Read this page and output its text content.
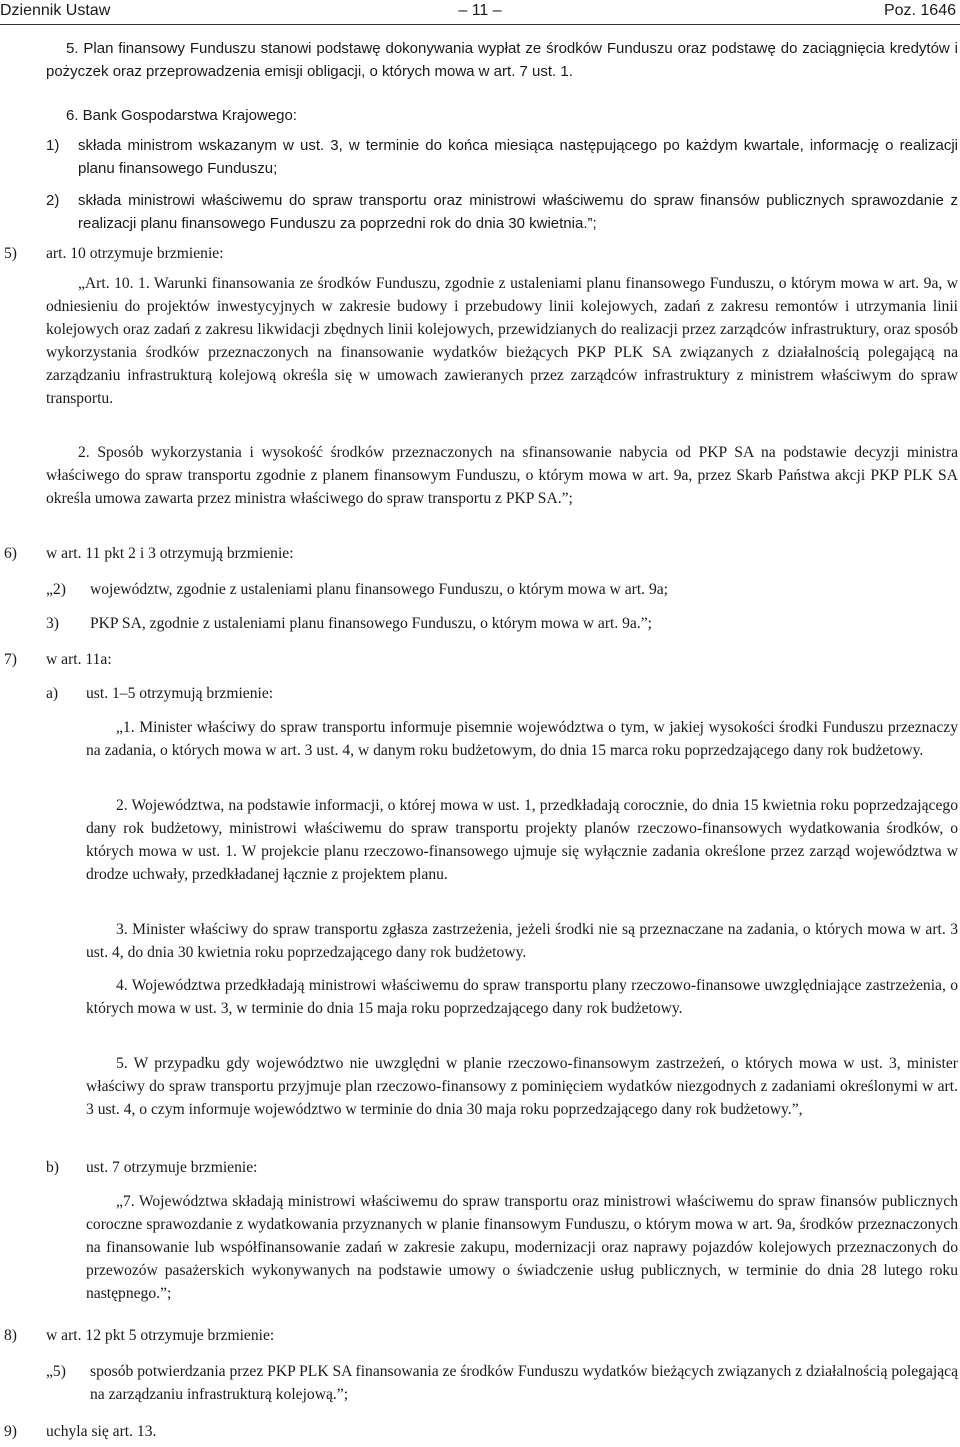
Dziennik Ustaw	– 11 –	Poz. 1646

5. Plan finansowy Funduszu stanowi podstawę dokonywania wypłat ze środków Funduszu oraz podstawę do zaciągnięcia kredytów i pożyczek oraz przeprowadzenia emisji obligacji, o których mowa w art. 7 ust. 1.

6. Bank Gospodarstwa Krajowego:

1) składa ministrom wskazanym w ust. 3, w terminie do końca miesiąca następującego po każdym kwartale, informację o realizacji planu finansowego Funduszu;

2) składa ministrowi właściwemu do spraw transportu oraz ministrowi właściwemu do spraw finansów publicznych sprawozdanie z realizacji planu finansowego Funduszu za poprzedni rok do dnia 30 kwietnia.”;

5) art. 10 otrzymuje brzmienie:

„Art. 10. 1. Warunki finansowania ze środków Funduszu, zgodnie z ustaleniami planu finansowego Funduszu, o którym mowa w art. 9a, w odniesieniu do projektów inwestycyjnych w zakresie budowy i przebudowy linii kolejowych, zadań z zakresu remontów i utrzymania linii kolejowych oraz zadań z zakresu likwidacji zbędnych linii kolejowych, przewidzianych do realizacji przez zarządców infrastruktury, oraz sposób wykorzystania środków przeznaczonych na finansowanie wydatków bieżących PKP PLK SA związanych z działalnością polegającą na zarządzaniu infrastrukturą kolejową określa się w umowach zawieranych przez zarządców infrastruktury z ministrem właściwym do spraw transportu.

2. Sposób wykorzystania i wysokość środków przeznaczonych na sfinansowanie nabycia od PKP SA na podstawie decyzji ministra właściwego do spraw transportu zgodnie z planem finansowym Funduszu, o którym mowa w art. 9a, przez Skarb Państwa akcji PKP PLK SA określa umowa zawarta przez ministra właściwego do spraw transportu z PKP SA.”;

6) w art. 11 pkt 2 i 3 otrzymują brzmienie:

„2) województw, zgodnie z ustaleniami planu finansowego Funduszu, o którym mowa w art. 9a;

3) PKP SA, zgodnie z ustaleniami planu finansowego Funduszu, o którym mowa w art. 9a.”;

7) w art. 11a:

a) ust. 1–5 otrzymują brzmienie:

„1. Minister właściwy do spraw transportu informuje pisemnie województwa o tym, w jakiej wysokości środki Funduszu przeznaczy na zadania, o których mowa w art. 3 ust. 4, w danym roku budżetowym, do dnia 15 marca roku poprzedzającego dany rok budżetowy.

2. Województwa, na podstawie informacji, o której mowa w ust. 1, przedkładają corocznie, do dnia 15 kwietnia roku poprzedzającego dany rok budżetowy, ministrowi właściwemu do spraw transportu projekty planów rzeczowo-finansowych wydatkowania środków, o których mowa w ust. 1. W projekcie planu rzeczowo-finansowego ujmuje się wyłącznie zadania określone przez zarząd województwa w drodze uchwały, przedkładanej łącznie z projektem planu.

3. Minister właściwy do spraw transportu zgłasza zastrzeżenia, jeżeli środki nie są przeznaczane na zadania, o których mowa w art. 3 ust. 4, do dnia 30 kwietnia roku poprzedzającego dany rok budżetowy.

4. Województwa przedkładają ministrowi właściwemu do spraw transportu plany rzeczowo-finansowe uwzględniające zastrzeżenia, o których mowa w ust. 3, w terminie do dnia 15 maja roku poprzedzającego dany rok budżetowy.

5. W przypadku gdy województwo nie uwzględni w planie rzeczowo-finansowym zastrzeżeń, o których mowa w ust. 3, minister właściwy do spraw transportu przyjmuje plan rzeczowo-finansowy z pominięciem wydatków niezgodnych z zadaniami określonymi w art. 3 ust. 4, o czym informuje województwo w terminie do dnia 30 maja roku poprzedzającego dany rok budżetowy.”,

b) ust. 7 otrzymuje brzmienie:

„7. Województwa składają ministrowi właściwemu do spraw transportu oraz ministrowi właściwemu do spraw finansów publicznych coroczne sprawozdanie z wydatkowania przyznanych w planie finansowym Funduszu, o którym mowa w art. 9a, środków przeznaczonych na finansowanie lub współfinansowanie zadań w zakresie zakupu, modernizacji oraz naprawy pojazdów kolejowych przeznaczonych do przewozów pasażerskich wykonywanych na podstawie umowy o świadczenie usług publicznych, w terminie do dnia 28 lutego roku następnego.”;

8) w art. 12 pkt 5 otrzymuje brzmienie:

„5) sposób potwierdzania przez PKP PLK SA finansowania ze środków Funduszu wydatków bieżących związanych z działalnością polegającą na zarządzaniu infrastrukturą kolejową.”;

9) uchyla się art. 13.
